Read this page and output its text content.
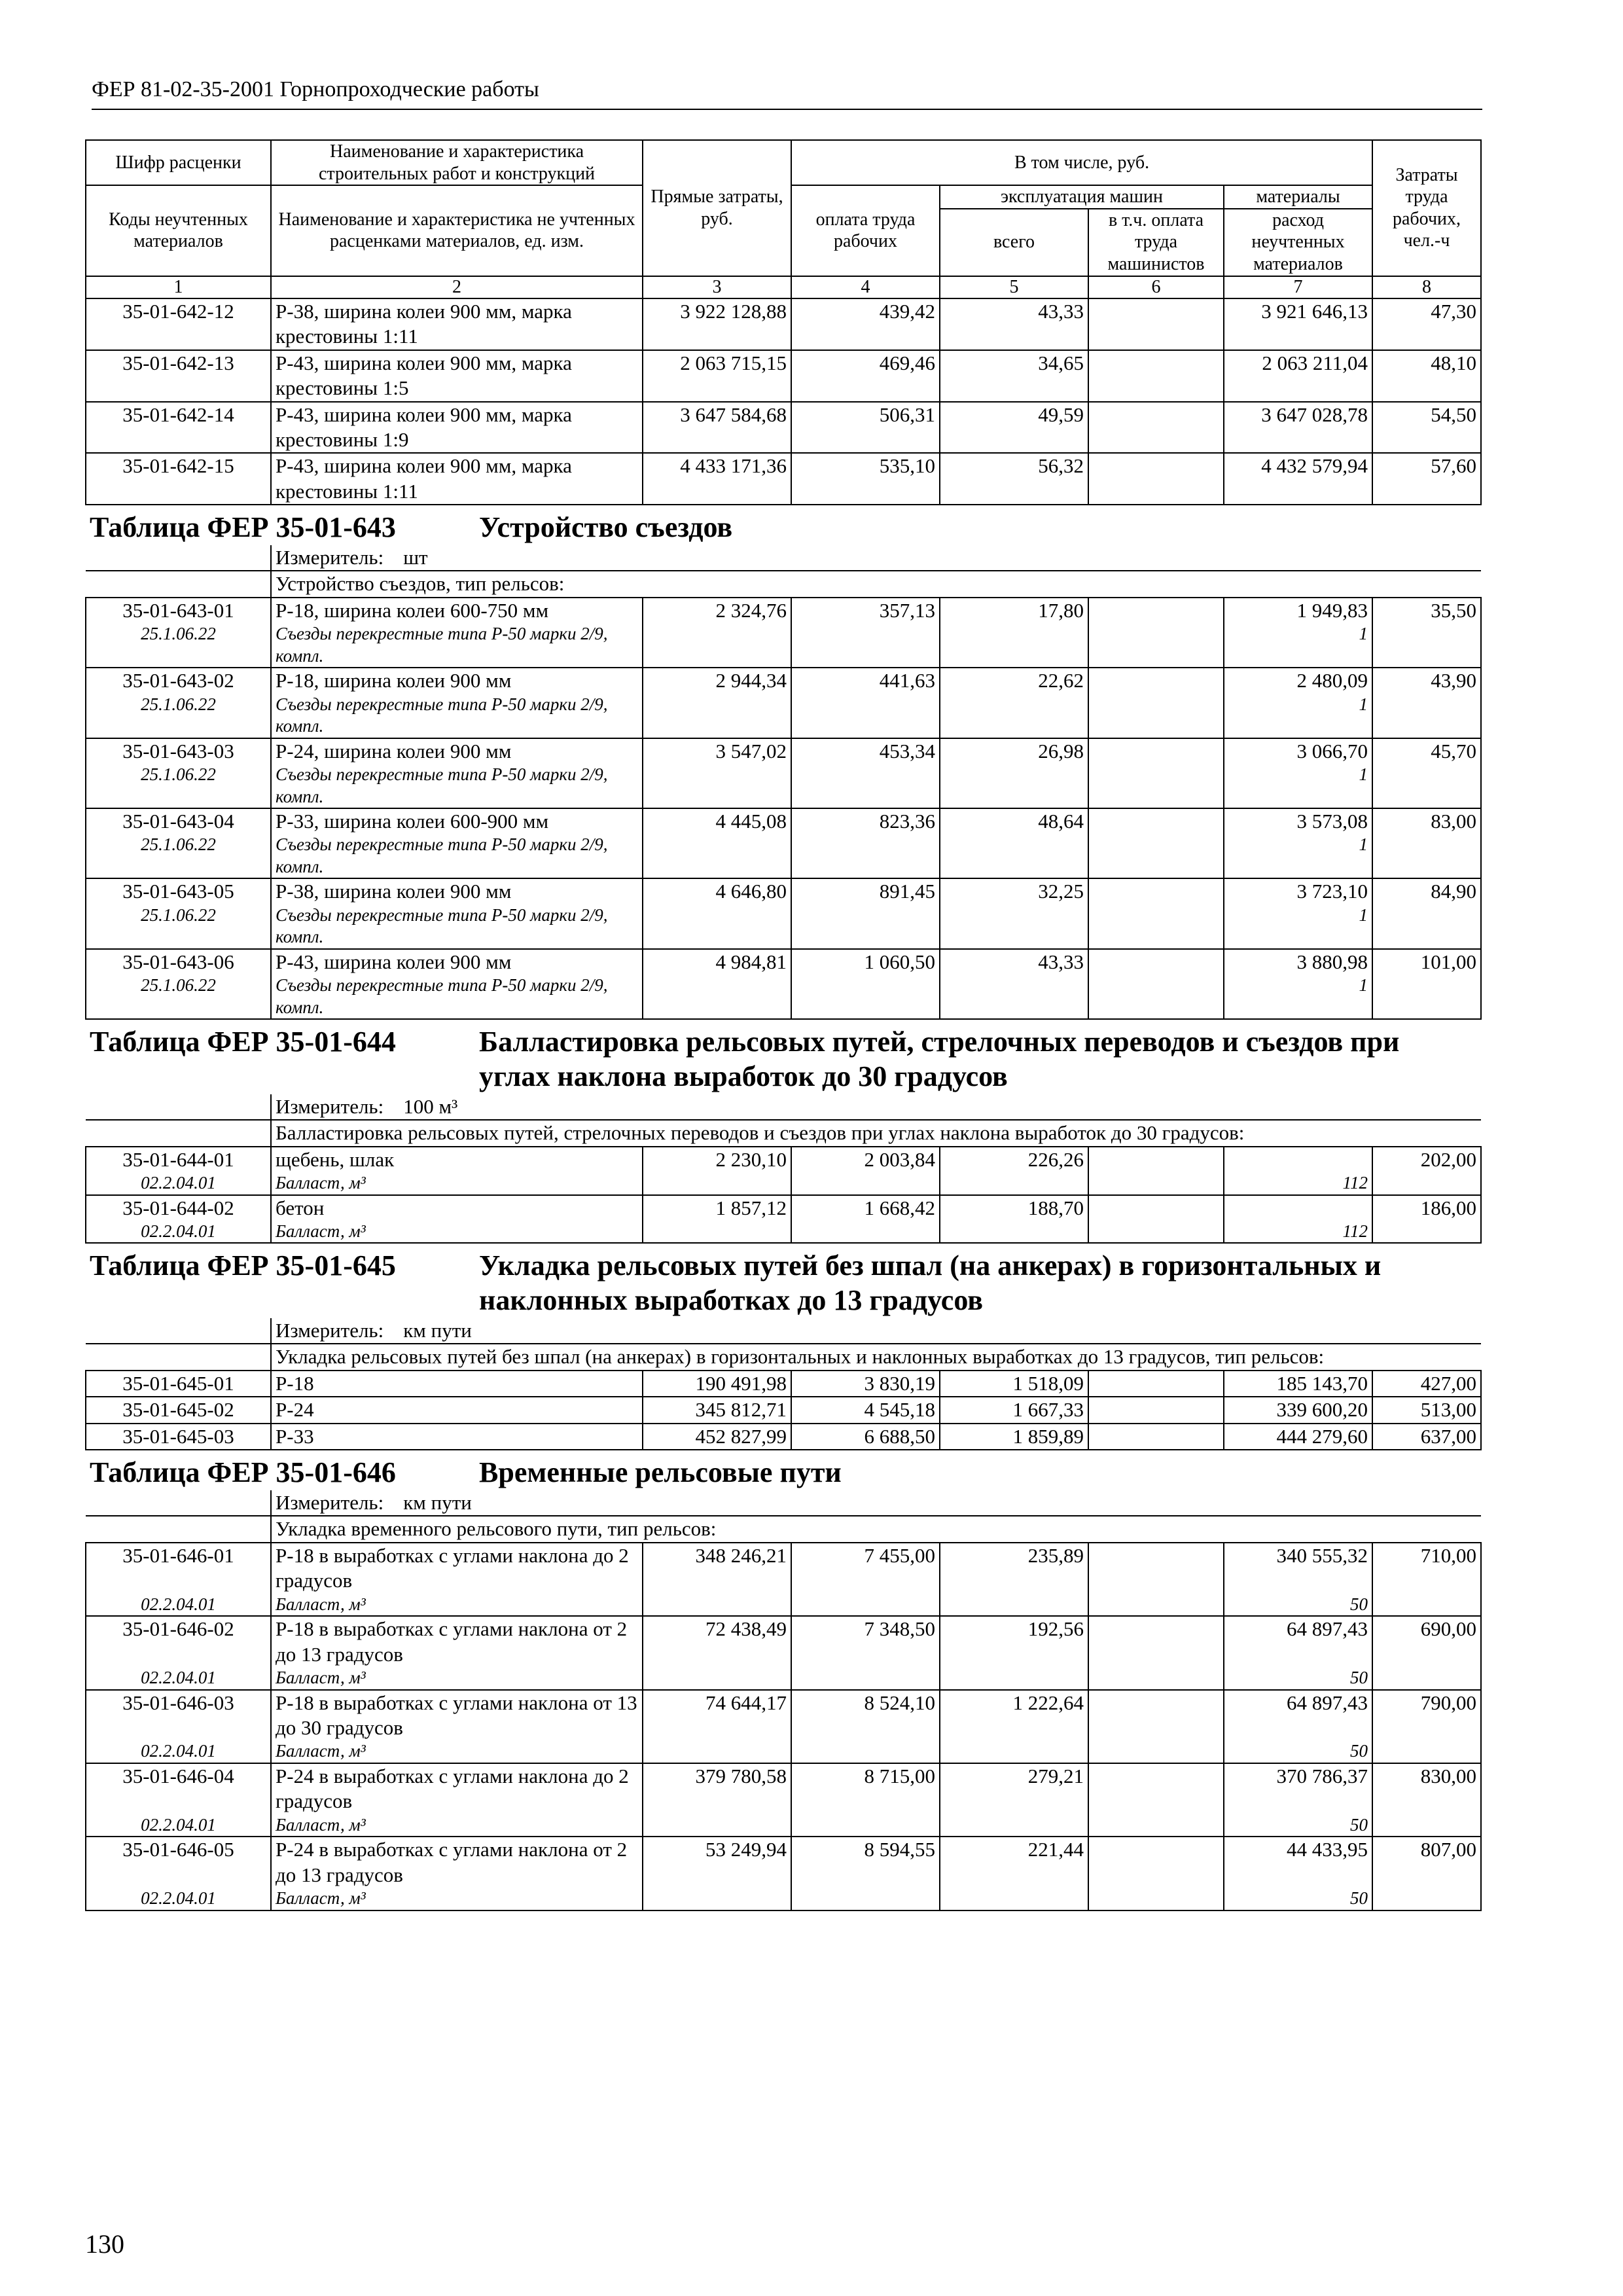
ФЕР 81-02-35-2001 Горнопроходческие работы
Шифр расценки	Наименование и характеристика строительных работ и конструкций	Прямые затраты, руб.	В том числе, руб.				Затраты труда рабочих, чел.-ч
Коды неучтенных материалов	Наименование и характеристика не учтенных расценками материалов, ед. изм.						
			оплата труда рабочих	эксплуатация машин		материалы	
				всего	в т.ч. оплата труда машинистов	расход неучтенных материалов	
1	2	3	4	5	6	7	8
35-01-642-12	Р-38, ширина колеи 900 мм, марка крестовины 1:11	3 922 128,88	439,42	43,33		3 921 646,13	47,30
35-01-642-13	Р-43, ширина колеи 900 мм, марка крестовины 1:5	2 063 715,15	469,46	34,65		2 063 211,04	48,10
35-01-642-14	Р-43, ширина колеи 900 мм, марка крестовины 1:9	3 647 584,68	506,31	49,59		3 647 028,78	54,50
35-01-642-15	Р-43, ширина колеи 900 мм, марка крестовины 1:11	4 433 171,36	535,10	56,32		4 432 579,94	57,60

Таблица ФЕР 35-01-643 Устройство съездов							

	Измеритель: шт						
	Устройство съездов, тип рельсов:						
35-01-643-01	Р-18, ширина колеи 600-750 мм	2 324,76	357,13	17,80		1 949,83	35,50
25.1.06.22	Съезды перекрестные типа Р-50 марки 2/9, компл.					1	
35-01-643-02	Р-18, ширина колеи 900 мм	2 944,34	441,63	22,62		2 480,09	43,90
25.1.06.22	Съезды перекрестные типа Р-50 марки 2/9, компл.					1	
35-01-643-03	Р-24, ширина колеи 900 мм	3 547,02	453,34	26,98		3 066,70	45,70
25.1.06.22	Съезды перекрестные типа Р-50 марки 2/9, компл.					1	
35-01-643-04	Р-33, ширина колеи 600-900 мм	4 445,08	823,36	48,64		3 573,08	83,00
25.1.06.22	Съезды перекрестные типа Р-50 марки 2/9, компл.					1	
35-01-643-05	Р-38, ширина колеи 900 мм	4 646,80	891,45	32,25		3 723,10	84,90
25.1.06.22	Съезды перекрестные типа Р-50 марки 2/9, компл.					1	
35-01-643-06	Р-43, ширина колеи 900 мм	4 984,81	1 060,50	43,33		3 880,98	101,00
25.1.06.22	Съезды перекрестные типа Р-50 марки 2/9, компл.					1	

Таблица ФЕР 35-01-644 Балластировка рельсовых путей, стрелочных переводов и съездов при углах наклона выработок до 30 градусов							

	Измеритель: 100 м³						
	Балластировка рельсовых путей, стрелочных переводов и съездов при углах наклона выработок до 30 градусов:						
35-01-644-01	щебень, шлак	2 230,10	2 003,84	226,26			202,00
02.2.04.01	Балласт, м³					112	
35-01-644-02	бетон	1 857,12	1 668,42	188,70			186,00
02.2.04.01	Балласт, м³					112	

Таблица ФЕР 35-01-645 Укладка рельсовых путей без шпал (на анкерах) в горизонтальных и наклонных выработках до 13 градусов							

	Измеритель: км пути						
	Укладка рельсовых путей без шпал (на анкерах) в горизонтальных и наклонных выработках до 13 градусов, тип рельсов:						
35-01-645-01	Р-18	190 491,98	3 830,19	1 518,09		185 143,70	427,00
35-01-645-02	Р-24	345 812,71	4 545,18	1 667,33		339 600,20	513,00
35-01-645-03	Р-33	452 827,99	6 688,50	1 859,89		444 279,60	637,00

Таблица ФЕР 35-01-646 Временные рельсовые пути							

	Измеритель: км пути						
	Укладка временного рельсового пути, тип рельсов:						
35-01-646-01	Р-18 в выработках с углами наклона до 2 градусов	348 246,21	7 455,00	235,89		340 555,32	710,00
02.2.04.01	Балласт, м³					50	
35-01-646-02	Р-18 в выработках с углами наклона от 2 до 13 градусов	72 438,49	7 348,50	192,56		64 897,43	690,00
02.2.04.01	Балласт, м³					50	
35-01-646-03	Р-18 в выработках с углами наклона от 13 до 30 градусов	74 644,17	8 524,10	1 222,64		64 897,43	790,00
02.2.04.01	Балласт, м³					50	
35-01-646-04	Р-24 в выработках с углами наклона до 2 градусов	379 780,58	8 715,00	279,21		370 786,37	830,00
02.2.04.01	Балласт, м³					50	
35-01-646-05	Р-24 в выработках с углами наклона от 2 до 13 градусов	53 249,94	8 594,55	221,44		44 433,95	807,00
02.2.04.01	Балласт, м³					50	
130
